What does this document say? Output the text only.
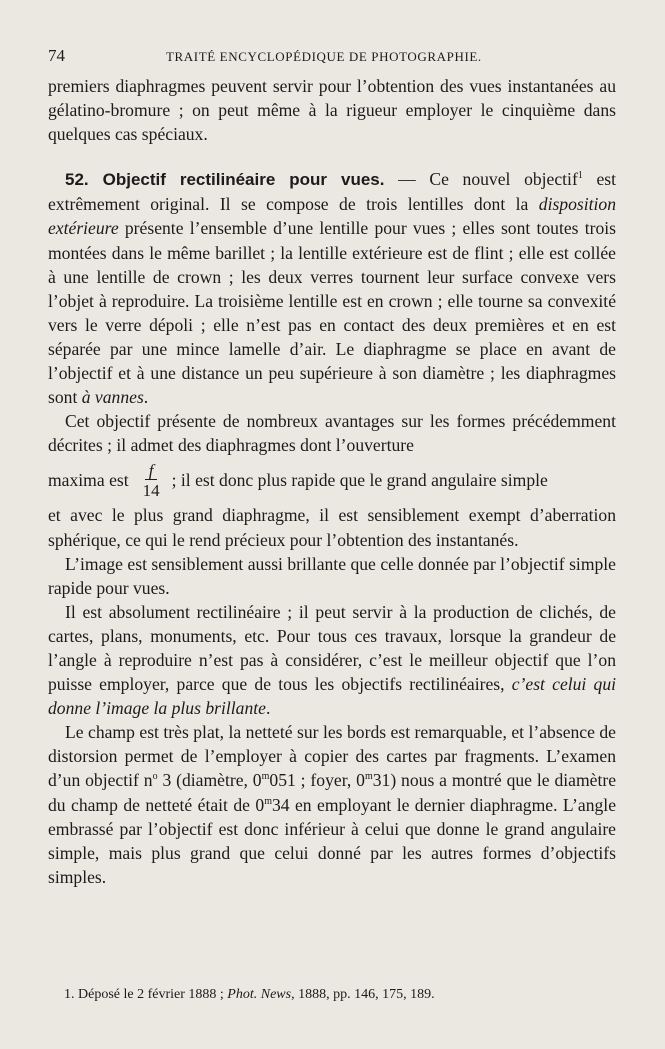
74	TRAITÉ ENCYCLOPÉDIQUE DE PHOTOGRAPHIE.

premiers diaphragmes peuvent servir pour l’obtention des vues instantanées au gélatino-bromure ; on peut même à la rigueur employer le cinquième dans quelques cas spéciaux.

52. Objectif rectilinéaire pour vues. — Ce nouvel objectif$^1$ est extrêmement original. Il se compose de trois lentilles dont la disposition extérieure présente l’ensemble d’une lentille pour vues ; elles sont toutes trois montées dans le même barillet ; la lentille extérieure est de flint ; elle est collée à une lentille de crown ; les deux verres tournent leur surface convexe vers l’objet à reproduire. La troisième lentille est en crown ; elle tourne sa convexité vers le verre dépoli ; elle n’est pas en contact des deux premières et en est séparée par une mince lamelle d’air. Le diaphragme se place en avant de l’objectif et à une distance un peu supérieure à son diamètre ; les diaphragmes sont à vannes.

Cet objectif présente de nombreux avantages sur les formes précédemment décrites ; il admet des diaphragmes dont l’ouverture

maxima est $\frac{f}{14}$ ; il est donc plus rapide que le grand angulaire simple

et avec le plus grand diaphragme, il est sensiblement exempt d’aberration sphérique, ce qui le rend précieux pour l’obtention des instantanés.

L’image est sensiblement aussi brillante que celle donnée par l’objectif simple rapide pour vues.

Il est absolument rectilinéaire ; il peut servir à la production de clichés, de cartes, plans, monuments, etc. Pour tous ces travaux, lorsque la grandeur de l’angle à reproduire n’est pas à considérer, c’est le meilleur objectif que l’on puisse employer, parce que de tous les objectifs rectilinéaires, c’est celui qui donne l’image la plus brillante.

Le champ est très plat, la netteté sur les bords est remarquable, et l’absence de distorsion permet de l’employer à copier des cartes par fragments. L’examen d’un objectif $n^o$ 3 (diamètre, 0$^m$051 ; foyer, 0$^m$31) nous a montré que le diamètre du champ de netteté était de 0$^m$34 en employant le dernier diaphragme. L’angle embrassé par l’objectif est donc inférieur à celui que donne le grand angulaire simple, mais plus grand que celui donné par les autres formes d’objectifs simples.

1. Déposé le 2 février 1888 ; Phot. News, 1888, pp. 146, 175, 189.
